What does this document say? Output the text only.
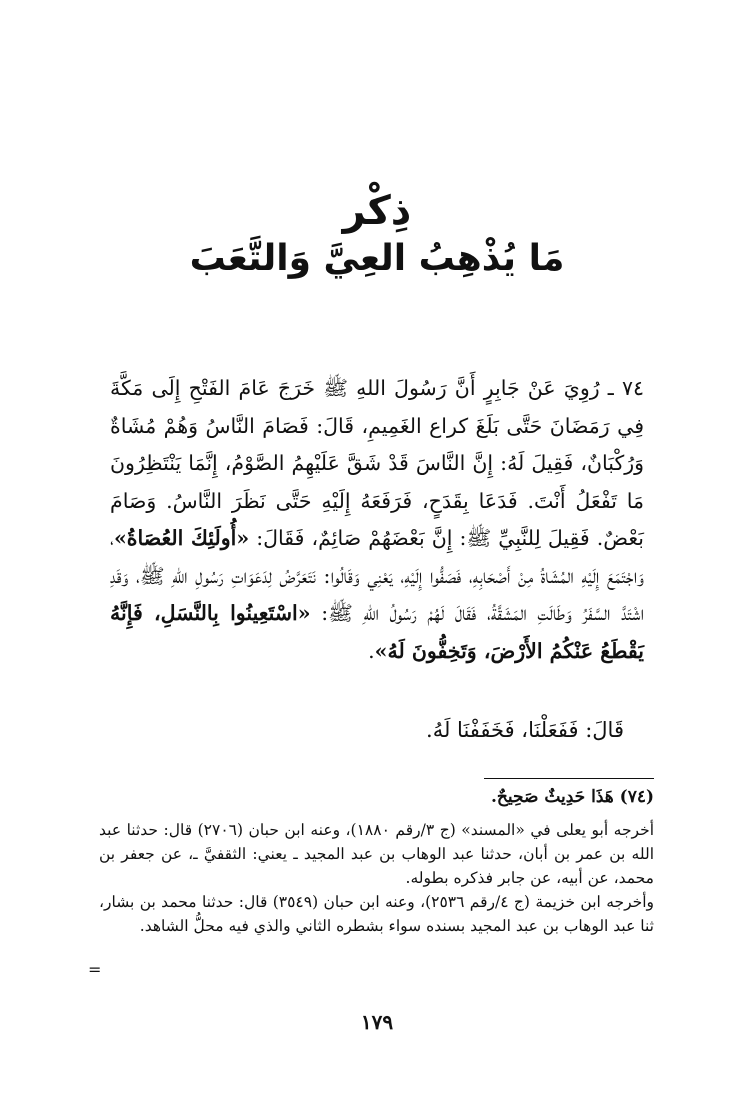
ذِكْر
مَا يُذْهِبُ العِيَّ وَالتَّعَبَ

٧٤ ـ رُوِيَ عَنْ جَابِرٍ أَنَّ رَسُولَ اللهِ ﷺ خَرَجَ عَامَ الفَتْحِ إِلَى مَكَّةَ فِي رَمَضَانَ حَتَّى بَلَغَ كراع الغَمِيمِ، قَالَ: فَصَامَ النَّاسُ وَهُمْ مُشَاةٌ وَرُكْبَانٌ، فَقِيلَ لَهُ: إِنَّ النَّاسَ قَدْ شَقَّ عَلَيْهِمُ الصَّوْمُ، إِنَّمَا يَنْتَظِرُونَ مَا تَفْعَلُ أَنْتَ. فَدَعَا بِقَدَحٍ، فَرَفَعَهُ إِلَيْهِ حَتَّى نَظَرَ النَّاسُ. وَصَامَ بَعْضٌ. فَقِيلَ لِلنَّبِيِّ ﷺ: إِنَّ بَعْضَهُمْ صَائِمٌ، فَقَالَ: «أُولَئِكَ العُصَاةُ»، وَاجْتَمَعَ إِلَيْهِ المُشَاةُ مِنْ أَصْحَابِهِ، فَصَفُّوا إِلَيْهِ، يَعْنِي وَقَالُوا: نَتَعَرَّضُ لِدَعَوَاتِ رَسُولِ اللهِ ﷺ، وَقَدِ اشْتَدَّ السَّفَرُ وَطَالَتِ المَشَقَّةُ، فَقَالَ لَهُمْ رَسُولُ اللهِ ﷺ: «اسْتَعِينُوا بِالنَّسَلِ، فَإِنَّهُ يَقْطَعُ عَنْكُمُ الأَرْضَ، وَتَخِفُّونَ لَهُ».

قَالَ: فَفَعَلْنَا، فَخَفَفْنَا لَهُ.
(٧٤) هَذَا حَدِيثٌ صَحِيحٌ.

أخرجه أبو يعلى في «المسند» (ج ٣/رقم ١٨٨٠)، وعنه ابن حبان (٢٧٠٦) قال: حدثنا عبد الله بن عمر بن أبان، حدثنا عبد الوهاب بن عبد المجيد ـ يعني: الثقفيَّ ـ، عن جعفر بن محمد، عن أبيه، عن جابر فذكره بطوله.

وأخرجه ابن خزيمة (ج ٤/رقم ٢٥٣٦)، وعنه ابن حبان (٣٥٤٩) قال: حدثنا محمد بن بشار، ثنا عبد الوهاب بن عبد المجيد بسنده سواء بشطره الثاني والذي فيه محلُّ الشاهد.

=
١٧٩
